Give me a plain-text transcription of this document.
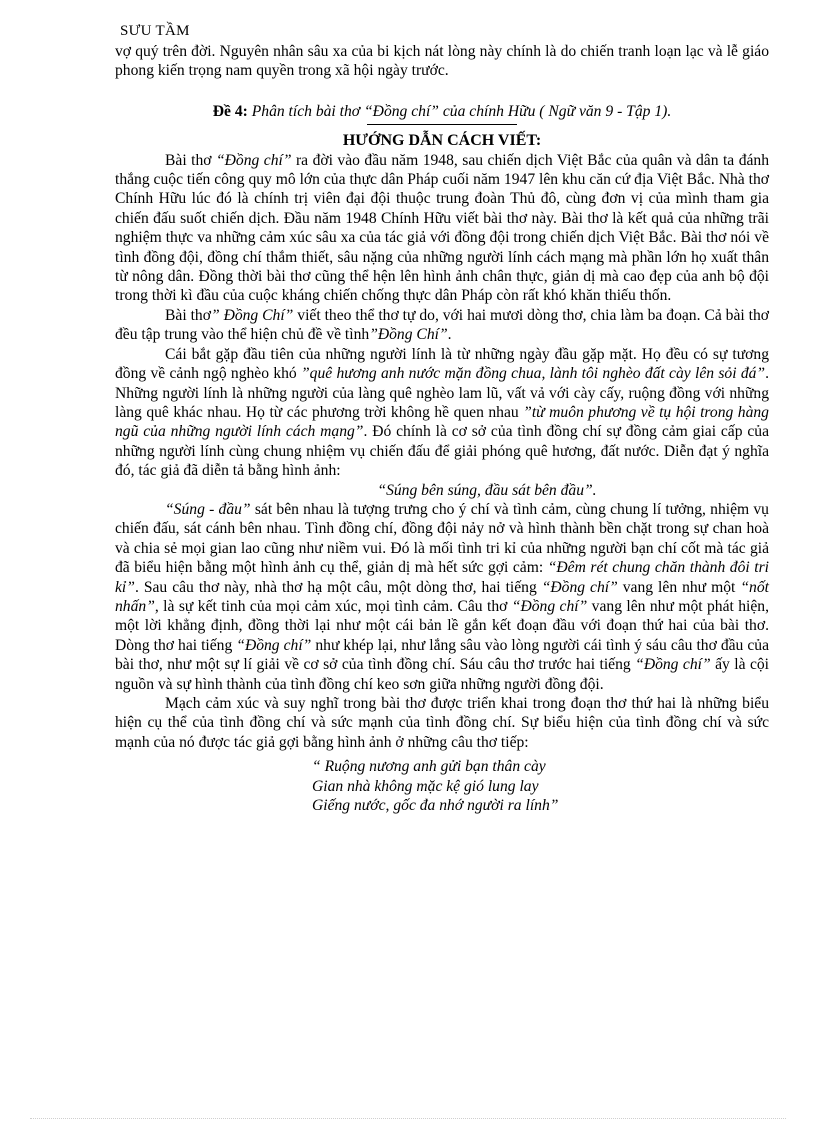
SƯU TẦM

vợ quý trên đời. Nguyên nhân sâu xa của bi kịch nát lòng này chính là do chiến tranh loạn lạc và lễ giáo phong kiến trọng nam quyền trong xã hội ngày trước.

Đề 4: Phân tích bài thơ “Đồng chí” của chính Hữu ( Ngữ văn 9 - Tập 1).

HƯỚNG DẪN CÁCH VIẾT:

Bài thơ “Đồng chí” ra đời vào đầu năm 1948, sau chiến dịch Việt Bắc của quân và dân ta đánh thắng cuộc tiến công quy mô lớn của thực dân Pháp cuối năm 1947 lên khu căn cứ địa Việt Bắc. Nhà thơ Chính Hữu lúc đó là chính trị viên đại đội thuộc trung đoàn Thủ đô, cùng đơn vị của mình tham gia chiến đấu suốt chiến dịch. Đầu năm 1948 Chính Hữu viết bài thơ này. Bài thơ là kết quả của những trãi nghiệm thực va những cảm xúc sâu xa của tác giả với đồng đội trong chiến dịch Việt Bắc. Bài thơ nói về tình đồng đội, đồng chí thắm thiết, sâu nặng của những người lính cách mạng mà phần lớn họ xuất thân từ nông dân. Đồng thời bài thơ cũng thể hện lên hình ảnh chân thực, giản dị mà cao đẹp của anh bộ đội trong thời kì đầu của cuộc kháng chiến chống thực dân Pháp còn rất khó khăn thiếu thốn.

Bài thơ” Đồng Chí” viết theo thể thơ tự do, với hai mươi dòng thơ, chia làm ba đoạn. Cả bài thơ đều tập trung vào thể hiện chủ đề về tình”Đồng Chí”.

Cái bắt gặp đầu tiên của những người lính là từ những ngày đầu gặp mặt. Họ đều có sự tương đồng về cảnh ngộ nghèo khó ”quê hương anh nước mặn đồng chua, lành tôi nghèo đất cày lên sỏi đá”. Những người lính là những người của làng quê nghèo lam lũ, vất vả với cày cấy, ruộng đồng với những làng quê khác nhau. Họ từ các phương trời không hề quen nhau ”từ muôn phương về tụ hội trong hàng ngũ của những người lính cách mạng”. Đó chính là cơ sở của tình đồng chí sự đồng cảm giai cấp của những người lính cùng chung nhiệm vụ chiến đấu để giải phóng quê hương, đất nước. Diễn đạt ý nghĩa đó, tác giả đã diễn tả bằng hình ảnh:

“Súng bên súng, đầu sát bên đầu”.

“Súng - đầu” sát bên nhau là tượng trưng cho ý chí và tình cảm, cùng chung lí tưởng, nhiệm vụ chiến đấu, sát cánh bên nhau. Tình đồng chí, đồng đội nảy nở và hình thành bền chặt trong sự chan hoà và chia sẻ mọi gian lao cũng như niềm vui. Đó là mối tình tri kỉ của những người bạn chí cốt mà tác giả đã biểu hiện bằng một hình ảnh cụ thể, giản dị mà hết sức gợi cảm: “Đêm rét chung chăn thành đôi tri kỉ”. Sau câu thơ này, nhà thơ hạ một câu, một dòng thơ, hai tiếng “Đồng chí” vang lên như một “nốt nhấn”, là sự kết tinh của mọi cảm xúc, mọi tình cảm. Câu thơ “Đồng chí” vang lên như một phát hiện, một lời khẳng định, đồng thời lại như một cái bản lề gắn kết đoạn đầu với đoạn thứ hai của bài thơ. Dòng thơ hai tiếng “Đồng chí” như khép lại, như lắng sâu vào lòng người cái tình ý sáu câu thơ đầu của bài thơ, như một sự lí giải về cơ sở của tình đồng chí. Sáu câu thơ trước hai tiếng “Đồng chí” ấy là cội nguồn và sự hình thành của tình đồng chí keo sơn giữa những người đồng đội.

Mạch cảm xúc và suy nghĩ trong bài thơ được triển khai trong đoạn thơ thứ hai là những biểu hiện cụ thể của tình đồng chí và sức mạnh của tình đồng chí. Sự biểu hiện của tình đồng chí và sức mạnh của nó được tác giả gợi bằng hình ảnh ở những câu thơ tiếp:

“ Ruộng nương anh gửi bạn thân cày
Gian nhà không mặc kệ gió lung lay
Giếng nước, gốc đa nhớ người ra lính”
